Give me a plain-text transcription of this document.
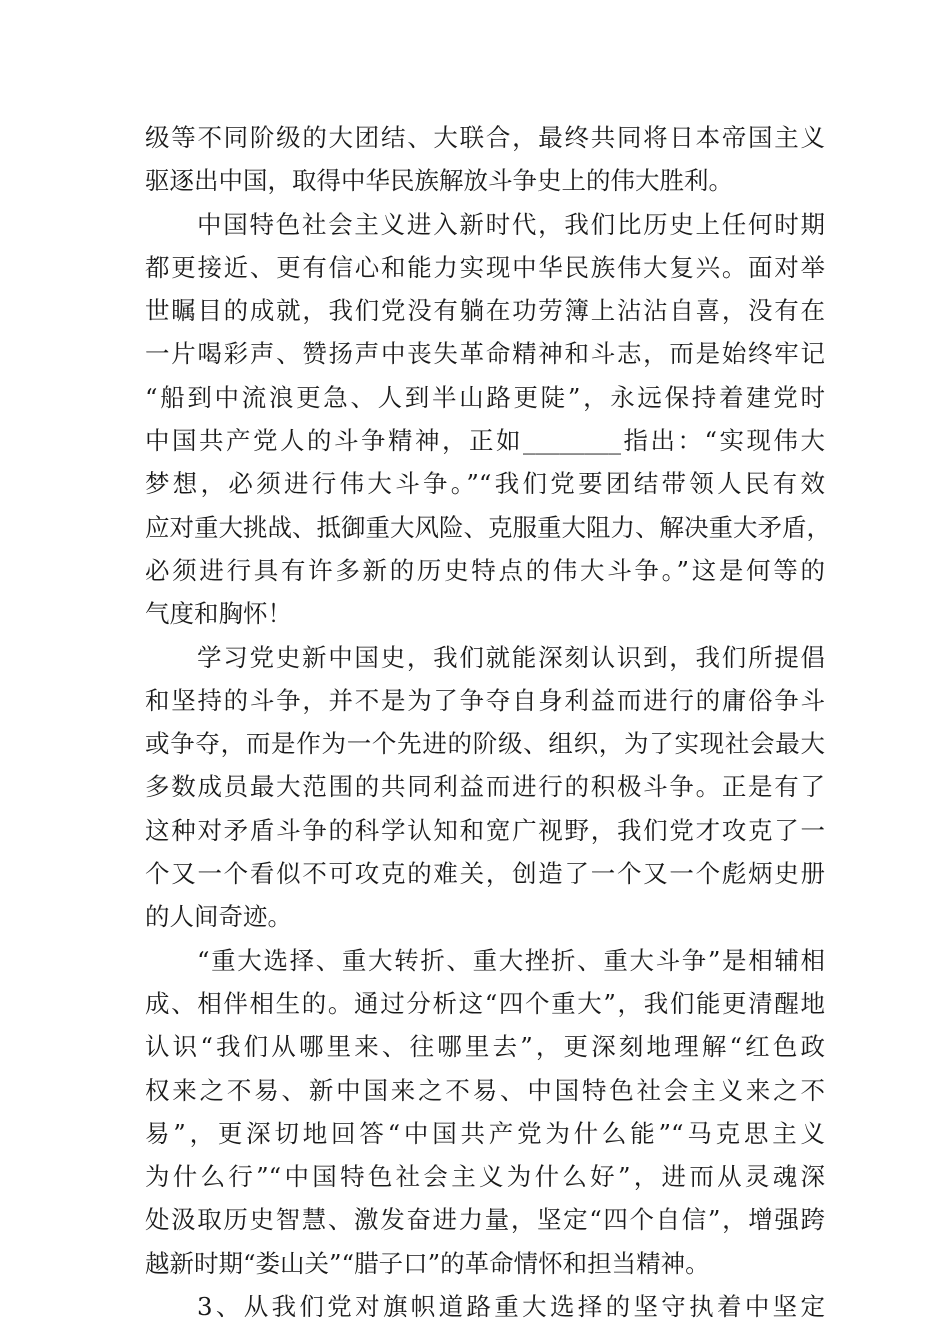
级等不同阶级的大团结、大联合，最终共同将日本帝国主义
驱逐出中国，取得中华民族解放斗争史上的伟大胜利。
中国特色社会主义进入新时代，我们比历史上任何时期
都更接近、更有信心和能力实现中华民族伟大复兴。面对举
世瞩目的成就，我们党没有躺在功劳簿上沾沾自喜，没有在
一片喝彩声、赞扬声中丧失革命精神和斗志，而是始终牢记
“船到中流浪更急、人到半山路更陡”，永远保持着建党时
中国共产党人的斗争精神，正如________指出：“实现伟大
梦想，必须进行伟大斗争。”“我们党要团结带领人民有效
应对重大挑战、抵御重大风险、克服重大阻力、解决重大矛盾，
必须进行具有许多新的历史特点的伟大斗争。”这是何等的
气度和胸怀！
学习党史新中国史，我们就能深刻认识到，我们所提倡
和坚持的斗争，并不是为了争夺自身利益而进行的庸俗争斗
或争夺，而是作为一个先进的阶级、组织，为了实现社会最大
多数成员最大范围的共同利益而进行的积极斗争。正是有了
这种对矛盾斗争的科学认知和宽广视野，我们党才攻克了一
个又一个看似不可攻克的难关，创造了一个又一个彪炳史册
的人间奇迹。
“重大选择、重大转折、重大挫折、重大斗争”是相辅相
成、相伴相生的。通过分析这“四个重大”，我们能更清醒地
认识“我们从哪里来、往哪里去”，更深刻地理解“红色政
权来之不易、新中国来之不易、中国特色社会主义来之不
易”，更深切地回答“中国共产党为什么能”“马克思主义
为什么行”“中国特色社会主义为什么好”，进而从灵魂深
处汲取历史智慧、激发奋进力量，坚定“四个自信”，增强跨
越新时期“娄山关”“腊子口”的革命情怀和担当精神。
3、从我们党对旗帜道路重大选择的坚守执着中坚定
